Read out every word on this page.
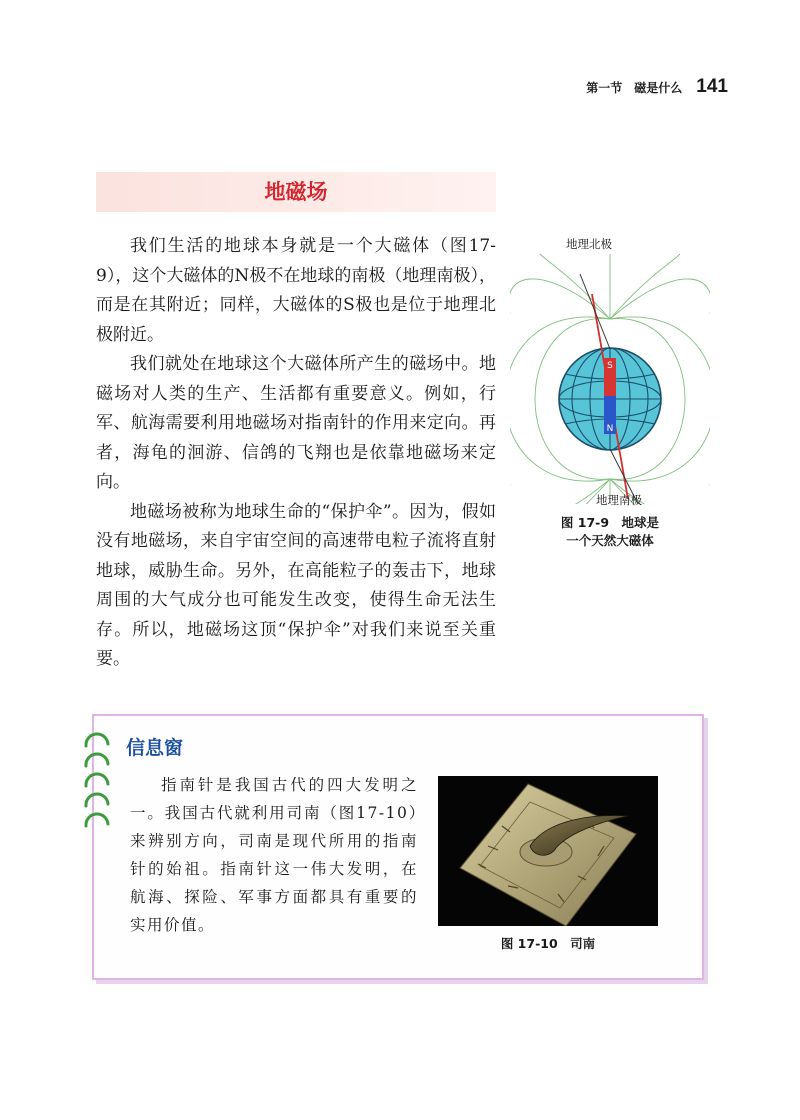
第一节　磁是什么 141
地磁场

我们生活的地球本身就是一个大磁体（图17-9），这个大磁体的N极不在地球的南极（地理南极），而是在其附近；同样，大磁体的S极也是位于地理北极附近。

我们就处在地球这个大磁体所产生的磁场中。地磁场对人类的生产、生活都有重要意义。例如，行军、航海需要利用地磁场对指南针的作用来定向。再者，海龟的洄游、信鸽的飞翔也是依靠地磁场来定向。

地磁场被称为地球生命的“保护伞”。因为，假如没有地磁场，来自宇宙空间的高速带电粒子流将直射地球，威胁生命。另外，在高能粒子的轰击下，地球周围的大气成分也可能发生改变，使得生命无法生存。所以，地磁场这顶“保护伞”对我们来说至关重要。

地理北极
S
N
地理南极
图 17-9　地球是
一个天然大磁体
信息窗

指南针是我国古代的四大发明之一。我国古代就利用司南（图17-10）来辨别方向，司南是现代所用的指南针的始祖。指南针这一伟大发明，在航海、探险、军事方面都具有重要的实用价值。

图 17-10　司南
